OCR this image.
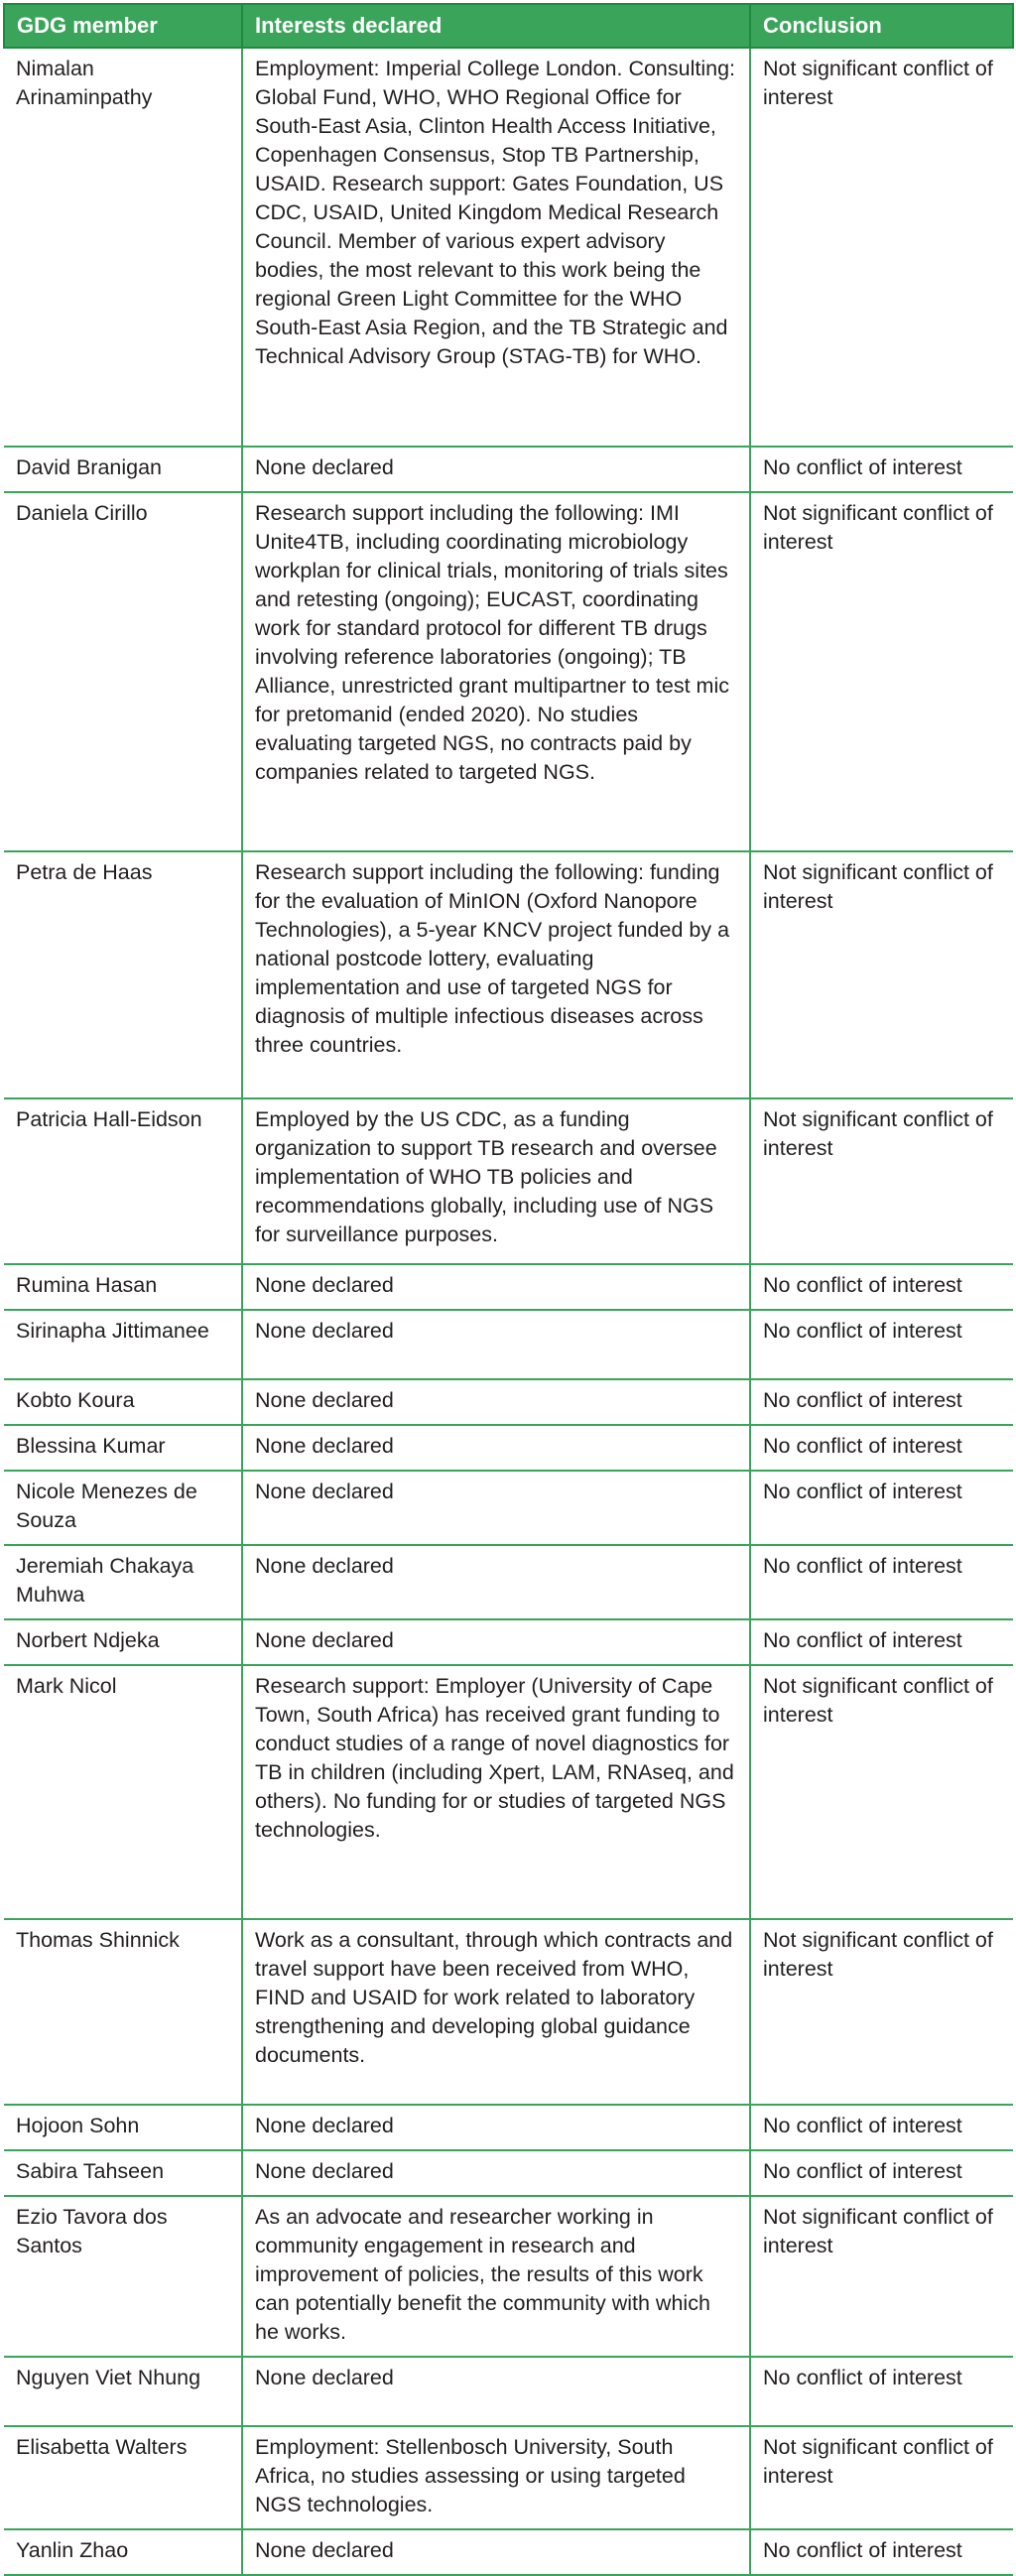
GDG member	Interests declared	Conclusion
Nimalan Arinaminpathy	Employment: Imperial College London. Consulting: Global Fund, WHO, WHO Regional Office for South-East Asia, Clinton Health Access Initiative, Copenhagen Consensus, Stop TB Partnership, USAID. Research support: Gates Foundation, US CDC, USAID, United Kingdom Medical Research Council. Member of various expert advisory bodies, the most relevant to this work being the regional Green Light Committee for the WHO South-East Asia Region, and the TB Strategic and Technical Advisory Group (STAG-TB) for WHO.	Not significant conflict of interest
David Branigan	None declared	No conflict of interest
Daniela Cirillo	Research support including the following: IMI Unite4TB, including coordinating microbiology workplan for clinical trials, monitoring of trials sites and retesting (ongoing); EUCAST, coordinating work for standard protocol for different TB drugs involving reference laboratories (ongoing); TB Alliance, unrestricted grant multipartner to test mic for pretomanid (ended 2020). No studies evaluating targeted NGS, no contracts paid by companies related to targeted NGS.	Not significant conflict of interest
Petra de Haas	Research support including the following: funding for the evaluation of MinION (Oxford Nanopore Technologies), a 5-year KNCV project funded by a national postcode lottery, evaluating implementation and use of targeted NGS for diagnosis of multiple infectious diseases across three countries.	Not significant conflict of interest
Patricia Hall-Eidson	Employed by the US CDC, as a funding organization to support TB research and oversee implementation of WHO TB policies and recommendations globally, including use of NGS for surveillance purposes.	Not significant conflict of interest
Rumina Hasan	None declared	No conflict of interest
Sirinapha Jittimanee	None declared	No conflict of interest
Kobto Koura	None declared	No conflict of interest
Blessina Kumar	None declared	No conflict of interest
Nicole Menezes de Souza	None declared	No conflict of interest
Jeremiah Chakaya Muhwa	None declared	No conflict of interest
Norbert Ndjeka	None declared	No conflict of interest
Mark Nicol	Research support: Employer (University of Cape Town, South Africa) has received grant funding to conduct studies of a range of novel diagnostics for TB in children (including Xpert, LAM, RNAseq, and others). No funding for or studies of targeted NGS technologies.	Not significant conflict of interest
Thomas Shinnick	Work as a consultant, through which contracts and travel support have been received from WHO, FIND and USAID for work related to laboratory strengthening and developing global guidance documents.	Not significant conflict of interest
Hojoon Sohn	None declared	No conflict of interest
Sabira Tahseen	None declared	No conflict of interest
Ezio Tavora dos Santos	As an advocate and researcher working in community engagement in research and improvement of policies, the results of this work can potentially benefit the community with which he works.	Not significant conflict of interest
Nguyen Viet Nhung	None declared	No conflict of interest
Elisabetta Walters	Employment: Stellenbosch University, South Africa, no studies assessing or using targeted NGS technologies.	Not significant conflict of interest
Yanlin Zhao	None declared	No conflict of interest
